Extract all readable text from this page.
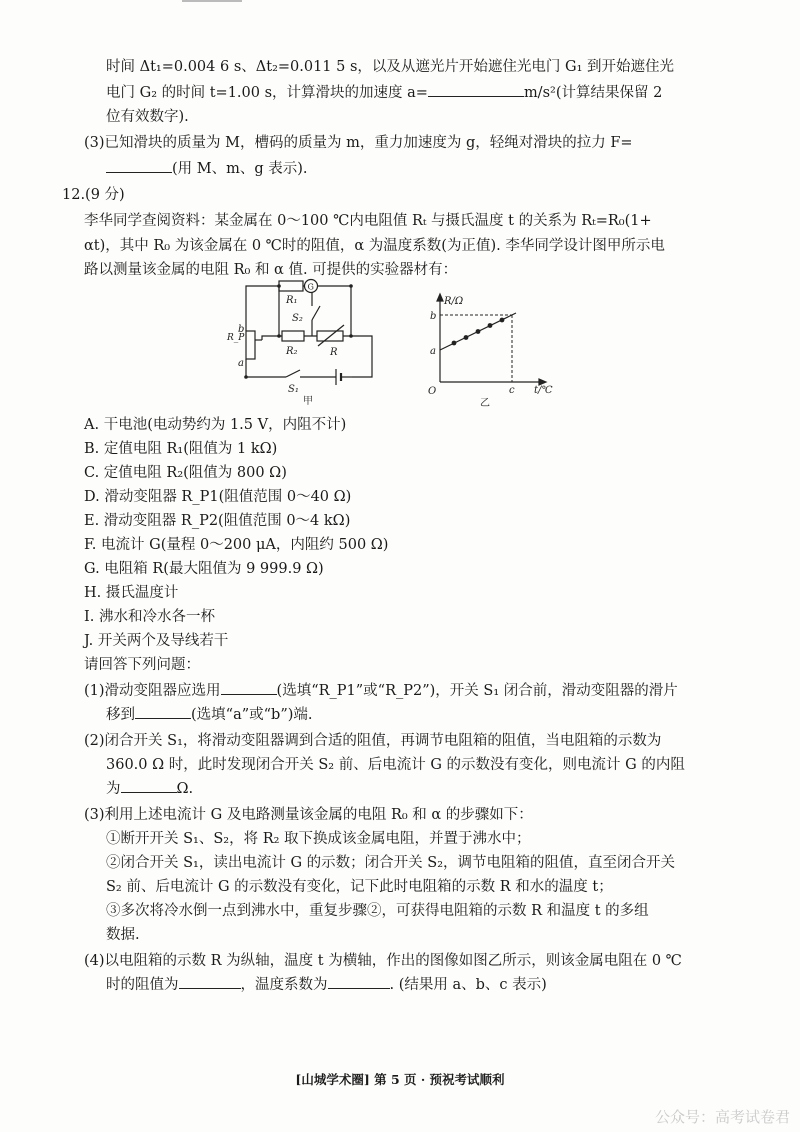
时间 Δt₁=0.004 6 s、Δt₂=0.011 5 s，以及从遮光片开始遮住光电门 G₁ 到开始遮住光
电门 G₂ 的时间 t=1.00 s，计算滑块的加速度 a=	m/s²(计算结果保留 2
位有效数字).
(3)已知滑块的质量为 M，槽码的质量为 m，重力加速度为 g，轻绳对滑块的拉力 F=
(用 M、m、g 表示).
12.(9 分)
李华同学查阅资料：某金属在 0～100 ℃内电阻值 Rₜ 与摄氏温度 t 的关系为 Rₜ=R₀(1+
αt)，其中 R₀ 为该金属在 0 ℃时的阻值，α 为温度系数(为正值). 李华同学设计图甲所示电
路以测量该金属的电阻 R₀ 和 α 值. 可提供的实验器材有：
R₁
G
S₂
R₂	R
R_P
b
a
S₁
甲
R/Ω
b
a
O	c t/℃
乙
A. 干电池(电动势约为 1.5 V，内阻不计)
B. 定值电阻 R₁(阻值为 1 kΩ)
C. 定值电阻 R₂(阻值为 800 Ω)
D. 滑动变阻器 R_P1(阻值范围 0～40 Ω)
E. 滑动变阻器 R_P2(阻值范围 0～4 kΩ)
F. 电流计 G(量程 0～200 μA，内阻约 500 Ω)
G. 电阻箱 R(最大阻值为 9 999.9 Ω)
H. 摄氏温度计
I. 沸水和冷水各一杯
J. 开关两个及导线若干
请回答下列问题：
(1)滑动变阻器应选用	(选填“R_P1”或“R_P2”)，开关 S₁ 闭合前，滑动变阻器的滑片
移到	(选填“a”或“b”)端.
(2)闭合开关 S₁，将滑动变阻器调到合适的阻值，再调节电阻箱的阻值，当电阻箱的示数为
360.0 Ω 时，此时发现闭合开关 S₂ 前、后电流计 G 的示数没有变化，则电流计 G 的内阻
为	Ω.
(3)利用上述电流计 G 及电路测量该金属的电阻 R₀ 和 α 的步骤如下：
①断开开关 S₁、S₂，将 R₂ 取下换成该金属电阻，并置于沸水中；
②闭合开关 S₁，读出电流计 G 的示数；闭合开关 S₂，调节电阻箱的阻值，直至闭合开关
S₂ 前、后电流计 G 的示数没有变化，记下此时电阻箱的示数 R 和水的温度 t；
③多次将冷水倒一点到沸水中，重复步骤②，可获得电阻箱的示数 R 和温度 t 的多组
数据.
(4)以电阻箱的示数 R 为纵轴，温度 t 为横轴，作出的图像如图乙所示，则该金属电阻在 0 ℃
时的阻值为	，温度系数为	. (结果用 a、b、c 表示)
[山城学术圈] 第 5 页 · 预祝考试顺利
公众号：高考试卷君
